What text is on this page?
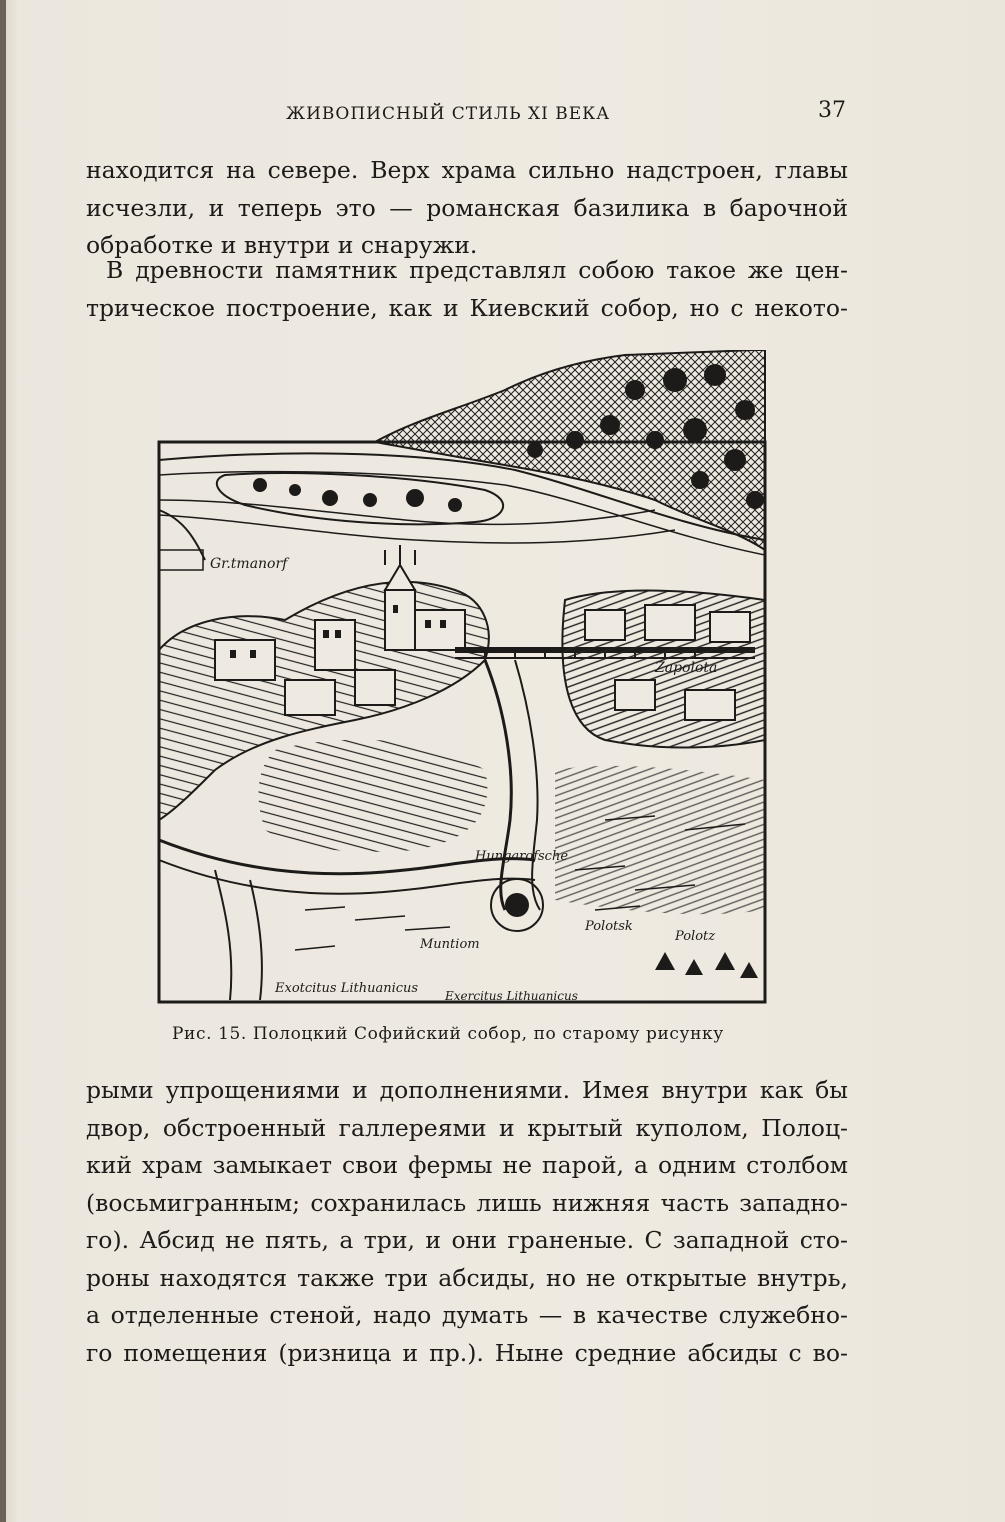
ЖИВОПИСНЫЙ СТИЛЬ XI ВЕКА	37

находится на севере. Верх храма сильно надстроен, главы
исчезли, и теперь это — романская базилика в барочной
обработке и внутри и снаружи.

В древности памятник представлял собою такое же цен-
трическое построение, как и Киевский собор, но с некото-

Gr.tmanorf
Zapolota
Hungarofsche
Polotsk
Polotz
Muntiom
Exotcitus Lithuanicus Exercitus Lithuanicus
Рис. 15. Полоцкий Софийский собор, по старому рисунку

рыми упрощениями и дополнениями. Имея внутри как бы
двор, обстроенный галлереями и крытый куполом, Полоц-
кий храм замыкает свои фермы не парой, а одним столбом
(восьмигранным; сохранилась лишь нижняя часть западно-
го). Абсид не пять, а три, и они граненые. С западной сто-
роны находятся также три абсиды, но не открытые внутрь,
а отделенные стеной, надо думать — в качестве служебно-
го помещения (ризница и пр.). Ныне средние абсиды с во-
